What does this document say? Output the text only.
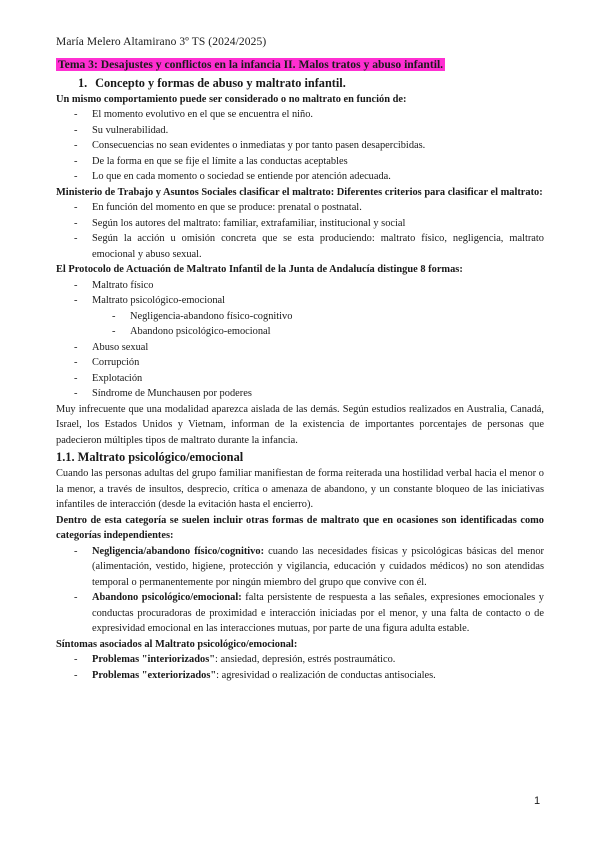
María Melero Altamirano 3º TS (2024/2025)
Tema 3: Desajustes y conflictos en la infancia II. Malos tratos y abuso infantil.
1. Concepto y formas de abuso y maltrato infantil.
Un mismo comportamiento puede ser considerado o no maltrato en función de:
- El momento evolutivo en el que se encuentra el niño.
- Su vulnerabilidad.
- Consecuencias no sean evidentes o inmediatas y por tanto pasen desapercibidas.
- De la forma en que se fije el límite a las conductas aceptables
- Lo que en cada momento o sociedad se entiende por atención adecuada.
Ministerio de Trabajo y Asuntos Sociales clasificar el maltrato: Diferentes criterios para clasificar el maltrato:
- En función del momento en que se produce: prenatal o postnatal.
- Según los autores del maltrato: familiar, extrafamiliar, institucional y social
- Según la acción u omisión concreta que se esta produciendo: maltrato físico, negligencia, maltrato emocional y abuso sexual.
El Protocolo de Actuación de Maltrato Infantil de la Junta de Andalucía distingue 8 formas:
- Maltrato físico
- Maltrato psicológico-emocional
- Negligencia-abandono físico-cognitivo
- Abandono psicológico-emocional
- Abuso sexual
- Corrupción
- Explotación
- Síndrome de Munchausen por poderes
Muy infrecuente que una modalidad aparezca aislada de las demás. Según estudios realizados en Australia, Canadá, Israel, los Estados Unidos y Vietnam, informan de la existencia de importantes porcentajes de personas que padecieron múltiples tipos de maltrato durante la infancia.
1.1. Maltrato psicológico/emocional
Cuando las personas adultas del grupo familiar manifiestan de forma reiterada una hostilidad verbal hacia el menor o la menor, a través de insultos, desprecio, crítica o amenaza de abandono, y un constante bloqueo de las iniciativas infantiles de interacción (desde la evitación hasta el encierro).
Dentro de esta categoría se suelen incluir otras formas de maltrato que en ocasiones son identificadas como categorías independientes:
- Negligencia/abandono físico/cognitivo: cuando las necesidades físicas y psicológicas básicas del menor (alimentación, vestido, higiene, protección y vigilancia, educación y cuidados médicos) no son atendidas temporal o permanentemente por ningún miembro del grupo que convive con él.
- Abandono psicológico/emocional: falta persistente de respuesta a las señales, expresiones emocionales y conductas procuradoras de proximidad e interacción iniciadas por el menor, y una falta de contacto o de expresividad emocional en las interacciones mutuas, por parte de una figura adulta estable.
Síntomas asociados al Maltrato psicológico/emocional:
- Problemas "interiorizados": ansiedad, depresión, estrés postraumático.
- Problemas "exteriorizados": agresividad o realización de conductas antisociales.
1
